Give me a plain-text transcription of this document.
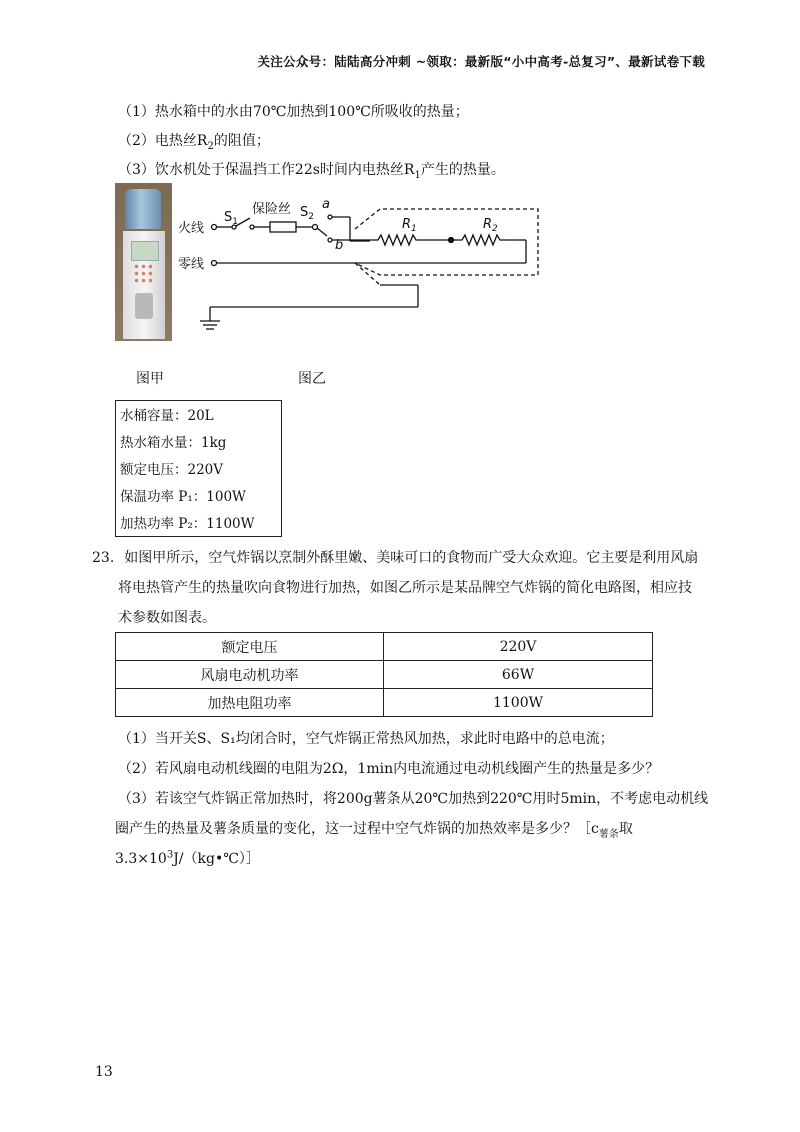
关注公众号：陆陆高分冲刺 ~领取：最新版“小中高考-总复习”、最新试卷下载
（1）热水箱中的水由70℃加热到100℃所吸收的热量；
（2）电热丝$R_2$的阻值；
（3）饮水机处于保温挡工作22s时间内电热丝$R_1$产生的热量。
火线
零线
$S_1$
保险丝 $S_2$
a
b
$R_1$	$R_2$
图甲	图乙
水桶容量：20L
热水箱水量：1kg
额定电压：220V
保温功率 P₁：100W
加热功率 P₂：1100W
23. 如图甲所示，空气炸锅以烹制外酥里嫩、美味可口的食物而广受大众欢迎。它主要是利用风扇
将电热管产生的热量吹向食物进行加热，如图乙所示是某品牌空气炸锅的简化电路图，相应技
术参数如图表。
额定电压	220V
风扇电动机功率	66W
加热电阻功率	1100W
（1）当开关S、S₁均闭合时，空气炸锅正常热风加热，求此时电路中的总电流；
（2）若风扇电动机线圈的电阻为2Ω，1min内电流通过电动机线圈产生的热量是多少？
（3）若该空气炸锅正常加热时，将200g薯条从20℃加热到220℃用时5min，不考虑电动机线
圈产生的热量及薯条质量的变化，这一过程中空气炸锅的加热效率是多少？$[c_{薯条}$取
$3.3\times 10^3J/(kg•℃)]$
13
